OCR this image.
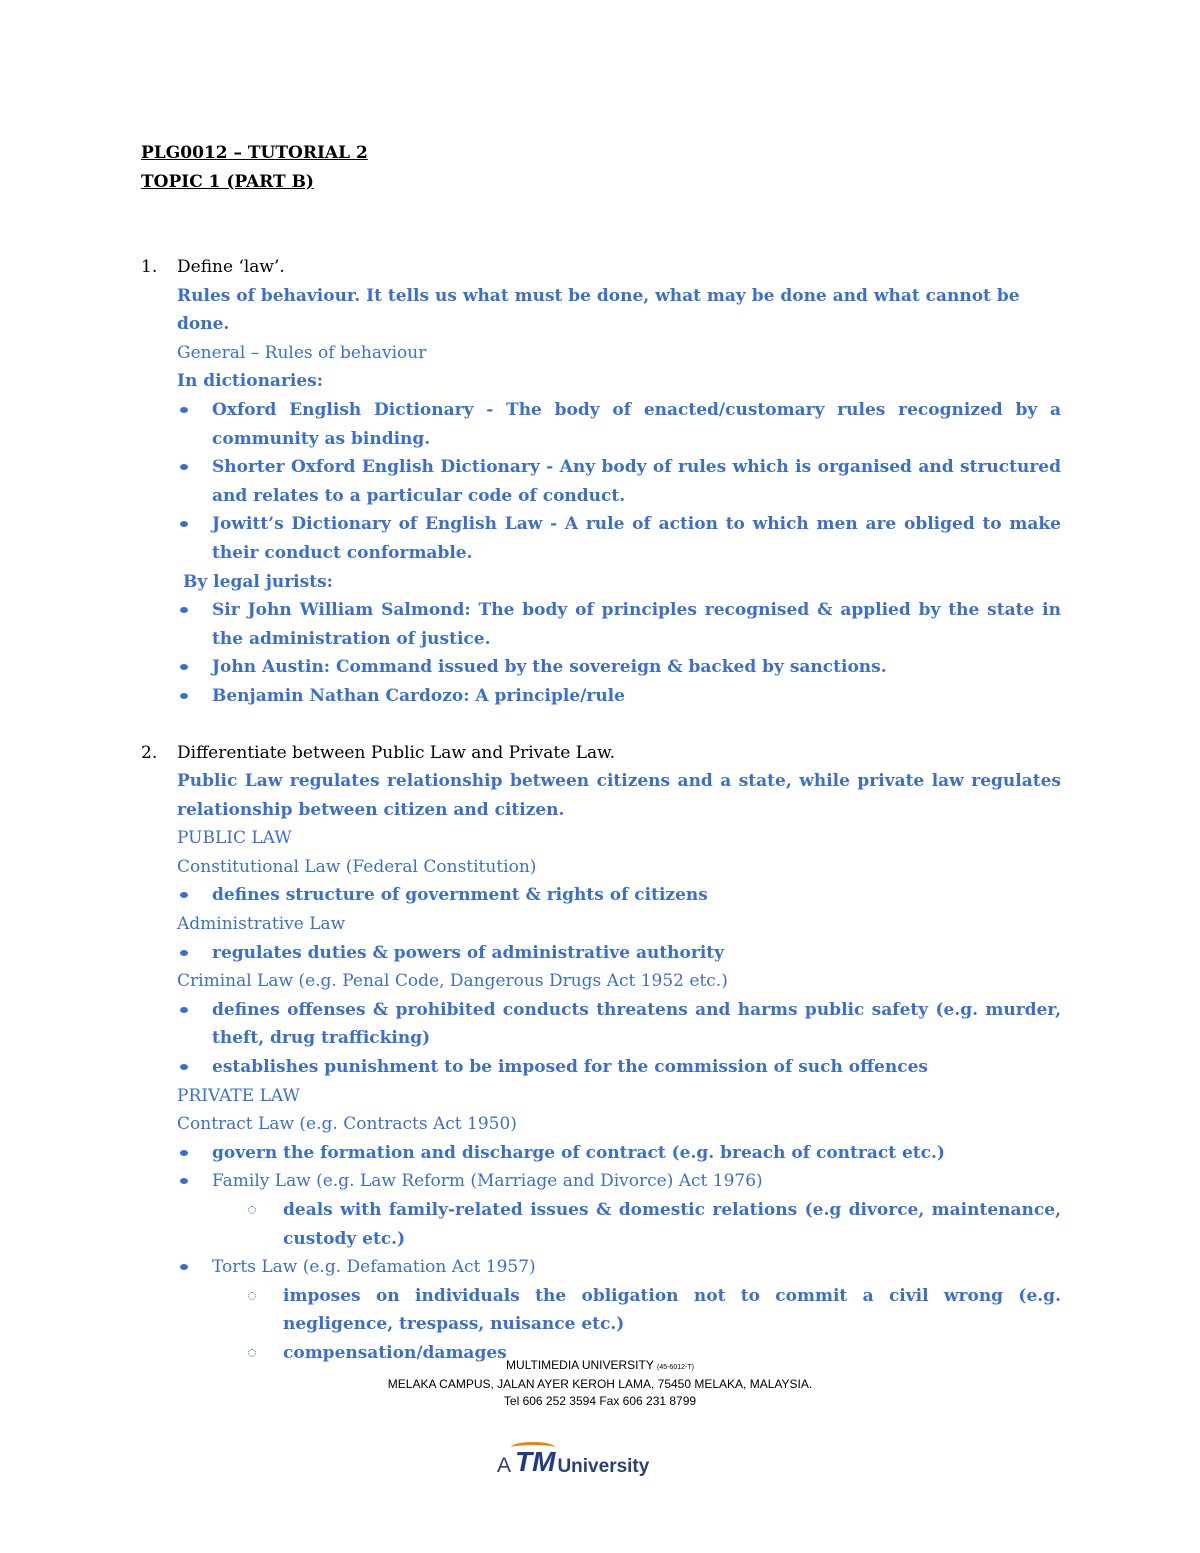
PLG0012 – TUTORIAL 2
TOPIC 1 (PART B)
1.	Define ‘law’.
Rules of behaviour. It tells us what must be done, what may be done and what cannot be done.
General – Rules of behaviour
In dictionaries:
Oxford English Dictionary - The body of enacted/customary rules recognized by a community as binding.
Shorter Oxford English Dictionary - Any body of rules which is organised and structured and relates to a particular code of conduct.
Jowitt’s Dictionary of English Law - A rule of action to which men are obliged to make their conduct conformable.
By legal jurists:
Sir John William Salmond: The body of principles recognised & applied by the state in the administration of justice.
John Austin: Command issued by the sovereign & backed by sanctions.
Benjamin Nathan Cardozo: A principle/rule
2.	Differentiate between Public Law and Private Law.
Public Law regulates relationship between citizens and a state, while private law regulates relationship between citizen and citizen.
PUBLIC LAW
Constitutional Law (Federal Constitution)
defines structure of government & rights of citizens
Administrative Law
regulates duties & powers of administrative authority
Criminal Law (e.g. Penal Code, Dangerous Drugs Act 1952 etc.)
defines offenses & prohibited conducts threatens and harms public safety (e.g. murder, theft, drug trafficking)
establishes punishment to be imposed for the commission of such offences
PRIVATE LAW
Contract Law (e.g. Contracts Act 1950)
govern the formation and discharge of contract (e.g. breach of contract etc.)
Family Law (e.g. Law Reform (Marriage and Divorce) Act 1976)
deals with family-related issues & domestic relations (e.g divorce, maintenance, custody etc.)
Torts Law (e.g. Defamation Act 1957)
imposes on individuals the obligation not to commit a civil wrong (e.g. negligence, trespass, nuisance etc.)
compensation/damages
MULTIMEDIA UNIVERSITY (45-6012-T)
MELAKA CAMPUS, JALAN AYER KEROH LAMA, 75450 MELAKA, MALAYSIA.
Tel 606 252 3594 Fax 606 231 8799
A TM University
